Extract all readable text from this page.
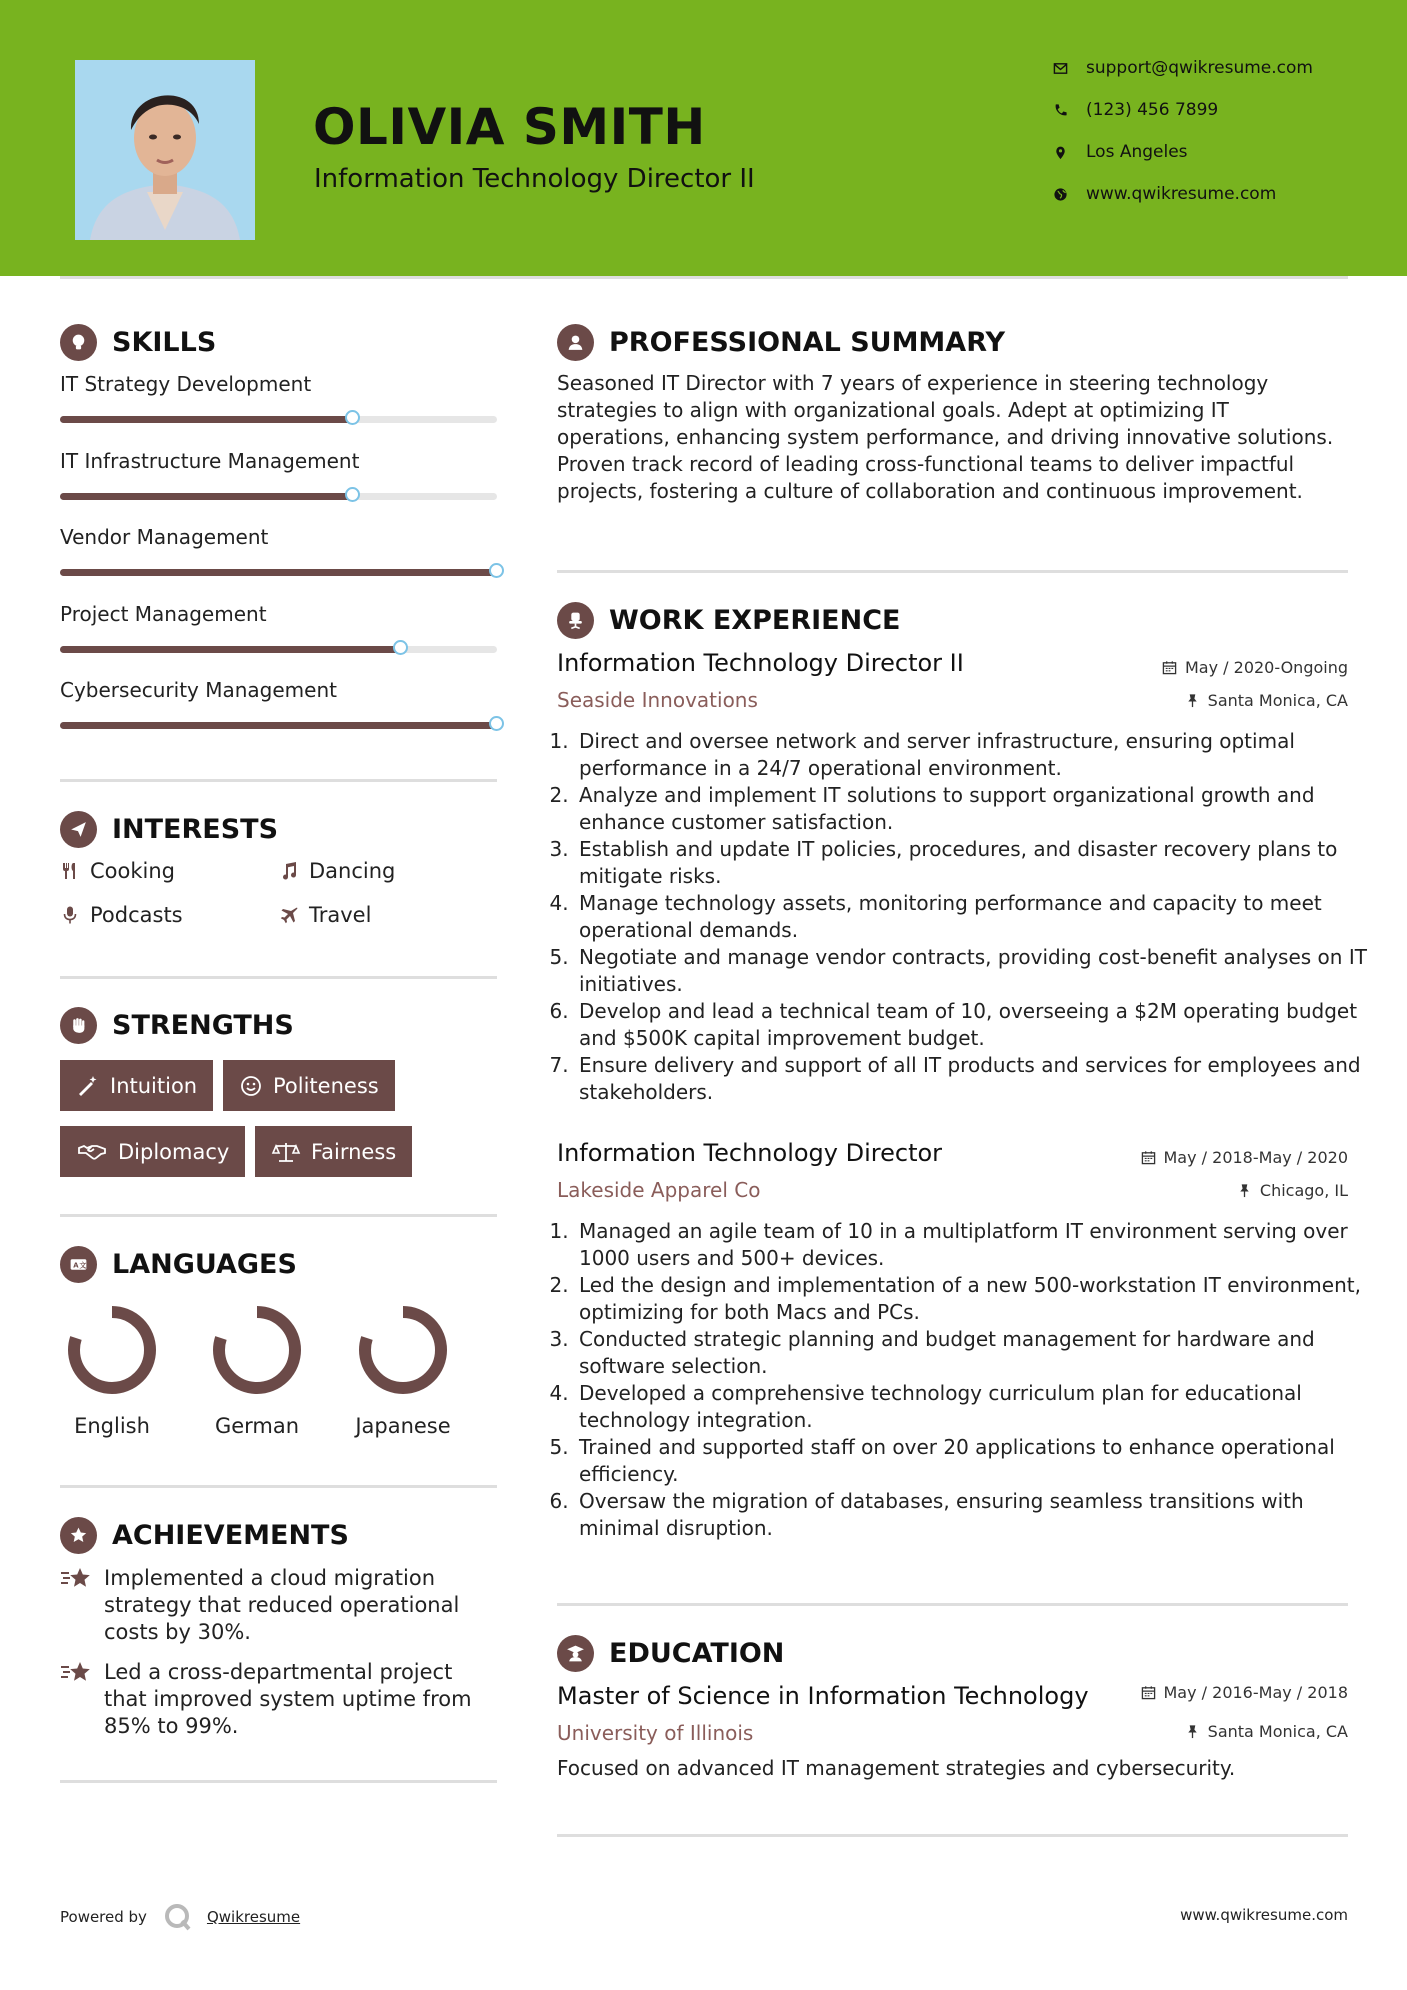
OLIVIA SMITH
Information Technology Director II
support@qwikresume.com
(123) 456 7899
Los Angeles
www.qwikresume.com
SKILLS
IT Strategy Development
IT Infrastructure Management
Vendor Management
Project Management
Cybersecurity Management
INTERESTS
Cooking	Dancing
Podcasts	Travel
STRENGTHS
Intuition	Politeness
Diplomacy	Fairness
A 文 LANGUAGES
English	German	Japanese
ACHIEVEMENTS
Implemented a cloud migration strategy that reduced operational costs by 30%.
Led a cross-departmental project that improved system uptime from 85% to 99%.
PROFESSIONAL SUMMARY
Seasoned IT Director with 7 years of experience in steering technology strategies to align with organizational goals. Adept at optimizing IT operations, enhancing system performance, and driving innovative solutions. Proven track record of leading cross-functional teams to deliver impactful projects, fostering a culture of collaboration and continuous improvement.
WORK EXPERIENCE
Information Technology Director II	May / 2020-Ongoing
Seaside Innovations	Santa Monica, CA
1. Direct and oversee network and server infrastructure, ensuring optimal performance in a 24/7 operational environment.
2. Analyze and implement IT solutions to support organizational growth and enhance customer satisfaction.
3. Establish and update IT policies, procedures, and disaster recovery plans to mitigate risks.
4. Manage technology assets, monitoring performance and capacity to meet operational demands.
5. Negotiate and manage vendor contracts, providing cost-benefit analyses on IT initiatives.
6. Develop and lead a technical team of 10, overseeing a $2M operating budget and $500K capital improvement budget.
7. Ensure delivery and support of all IT products and services for employees and stakeholders.
Information Technology Director	May / 2018-May / 2020
Lakeside Apparel Co	Chicago, IL
1. Managed an agile team of 10 in a multiplatform IT environment serving over 1000 users and 500+ devices.
2. Led the design and implementation of a new 500-workstation IT environment, optimizing for both Macs and PCs.
3. Conducted strategic planning and budget management for hardware and software selection.
4. Developed a comprehensive technology curriculum plan for educational technology integration.
5. Trained and supported staff on over 20 applications to enhance operational efficiency.
6. Oversaw the migration of databases, ensuring seamless transitions with minimal disruption.
EDUCATION
Master of Science in Information Technology	May / 2016-May / 2018
University of Illinois	Santa Monica, CA
Focused on advanced IT management strategies and cybersecurity.
Powered by	Qwikresume	www.qwikresume.com
